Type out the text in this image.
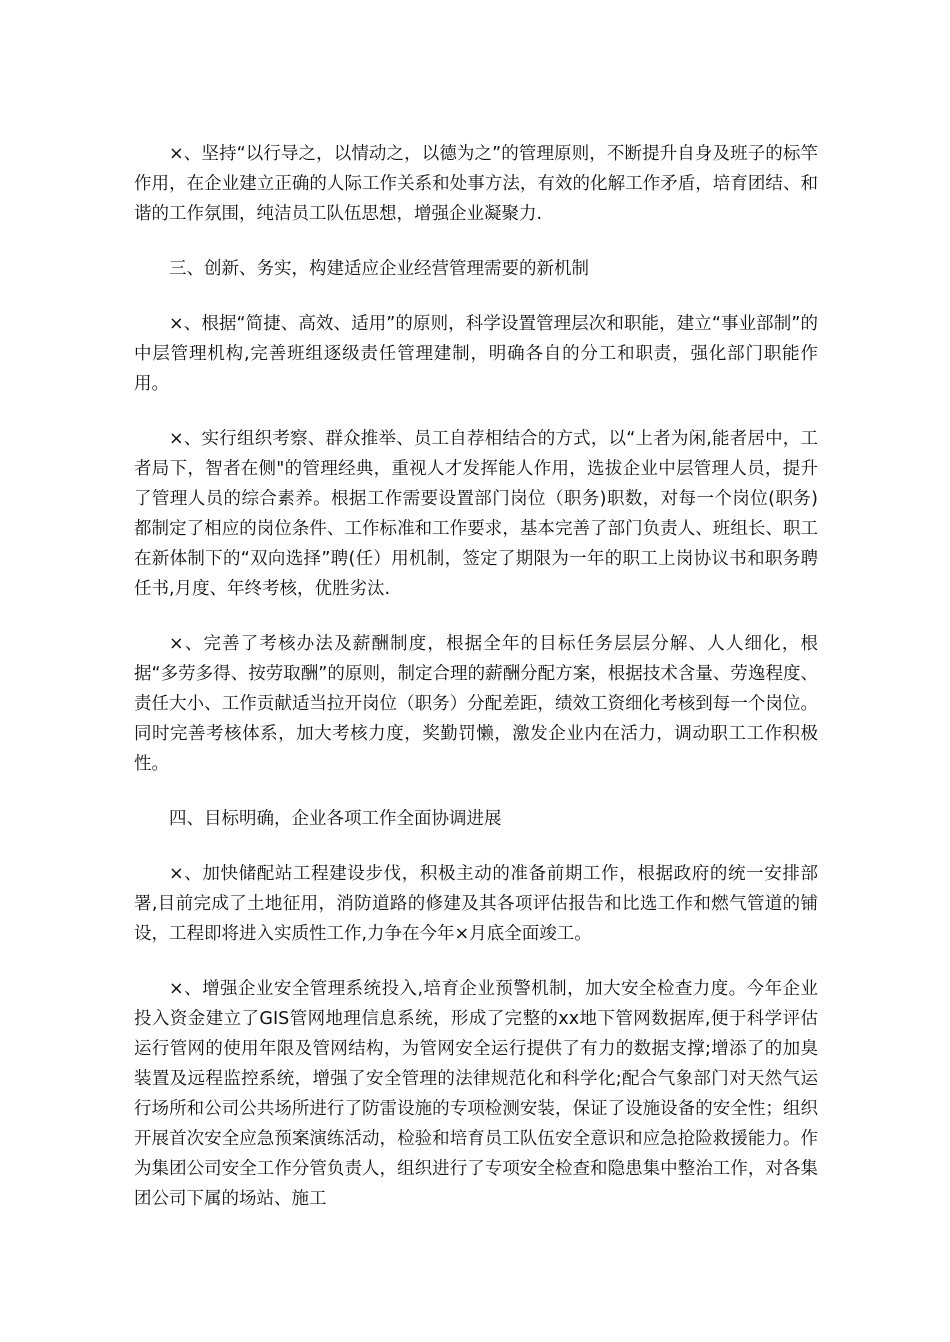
×、坚持“以行导之，以情动之，以德为之”的管理原则，不断提升自身及班子的标竿作用，在企业建立正确的人际工作关系和处事方法，有效的化解工作矛盾，培育团结、和谐的工作氛围，纯洁员工队伍思想，增强企业凝聚力.

三、创新、务实，构建适应企业经营管理需要的新机制

×、根据“简捷、高效、适用”的原则，科学设置管理层次和职能，建立“事业部制”的中层管理机构,完善班组逐级责任管理建制，明确各自的分工和职责，强化部门职能作用。

×、实行组织考察、群众推举、员工自荐相结合的方式，以“上者为闲,能者居中，工者局下，智者在侧"的管理经典，重视人才发挥能人作用，选拔企业中层管理人员，提升了管理人员的综合素养。根据工作需要设置部门岗位（职务)职数，对每一个岗位(职务)都制定了相应的岗位条件、工作标准和工作要求，基本完善了部门负责人、班组长、职工在新体制下的“双向选择”聘(任）用机制，签定了期限为一年的职工上岗协议书和职务聘任书,月度、年终考核，优胜劣汰.

×、完善了考核办法及薪酬制度，根据全年的目标任务层层分解、人人细化，根据“多劳多得、按劳取酬”的原则，制定合理的薪酬分配方案，根据技术含量、劳逸程度、责任大小、工作贡献适当拉开岗位（职务）分配差距，绩效工资细化考核到每一个岗位。同时完善考核体系，加大考核力度，奖勤罚懒，激发企业内在活力，调动职工工作积极性。

四、目标明确，企业各项工作全面协调进展

×、加快储配站工程建设步伐，积极主动的准备前期工作，根据政府的统一安排部署,目前完成了土地征用，消防道路的修建及其各项评估报告和比选工作和燃气管道的铺设，工程即将进入实质性工作,力争在今年×月底全面竣工。

×、增强企业安全管理系统投入,培育企业预警机制，加大安全检查力度。今年企业投入资金建立了GIS管网地理信息系统，形成了完整的xx地下管网数据库,便于科学评估运行管网的使用年限及管网结构，为管网安全运行提供了有力的数据支撑;增添了的加臭装置及远程监控系统，增强了安全管理的法律规范化和科学化;配合气象部门对天然气运行场所和公司公共场所进行了防雷设施的专项检测安装，保证了设施设备的安全性；组织开展首次安全应急预案演练活动，检验和培育员工队伍安全意识和应急抢险救援能力。作为集团公司安全工作分管负责人，组织进行了专项安全检查和隐患集中整治工作，对各集团公司下属的场站、施工
